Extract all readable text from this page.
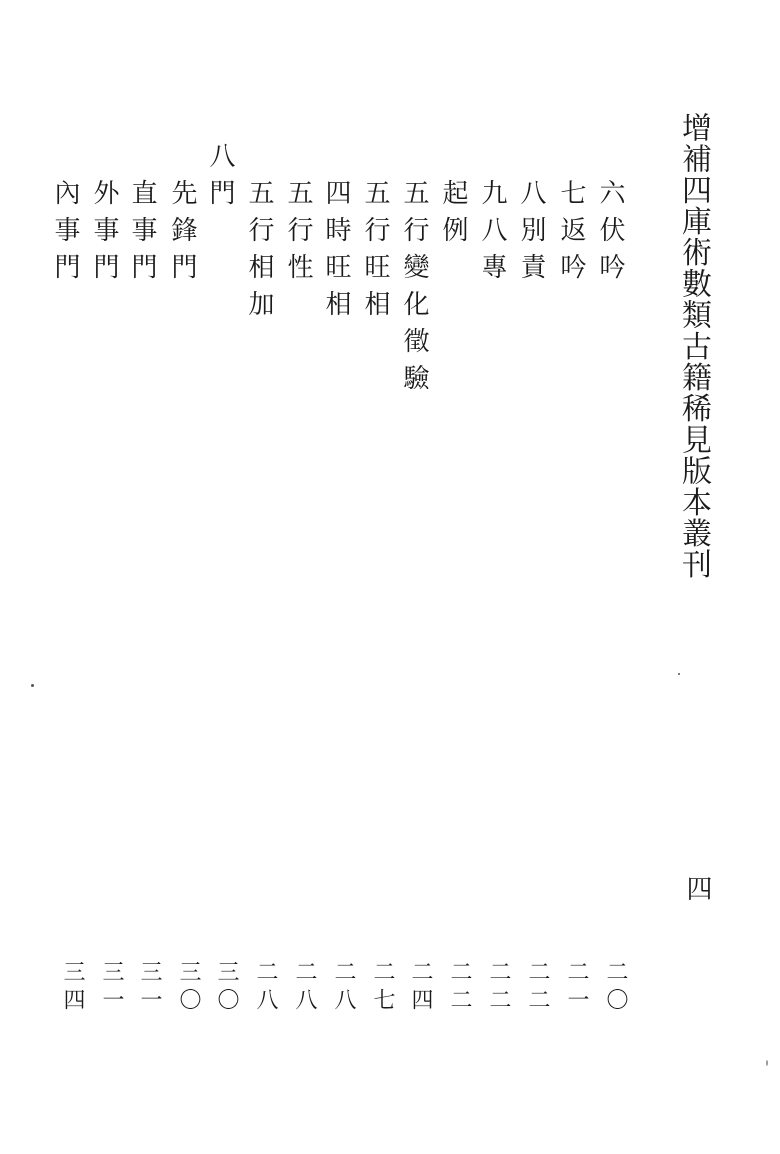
增補四庫術數類古籍稀見版本叢刊
四
六伏吟
七返吟
八別責
九八專
起例
五行變化徵驗
五行旺相
四時旺相
五行性
五行相加
八門
先鋒門
直事門
外事門
內事門
二〇
二一
二二
二二
二二
二四
二七
二八
二八
二八
三〇
三〇
三一
三一
三四
